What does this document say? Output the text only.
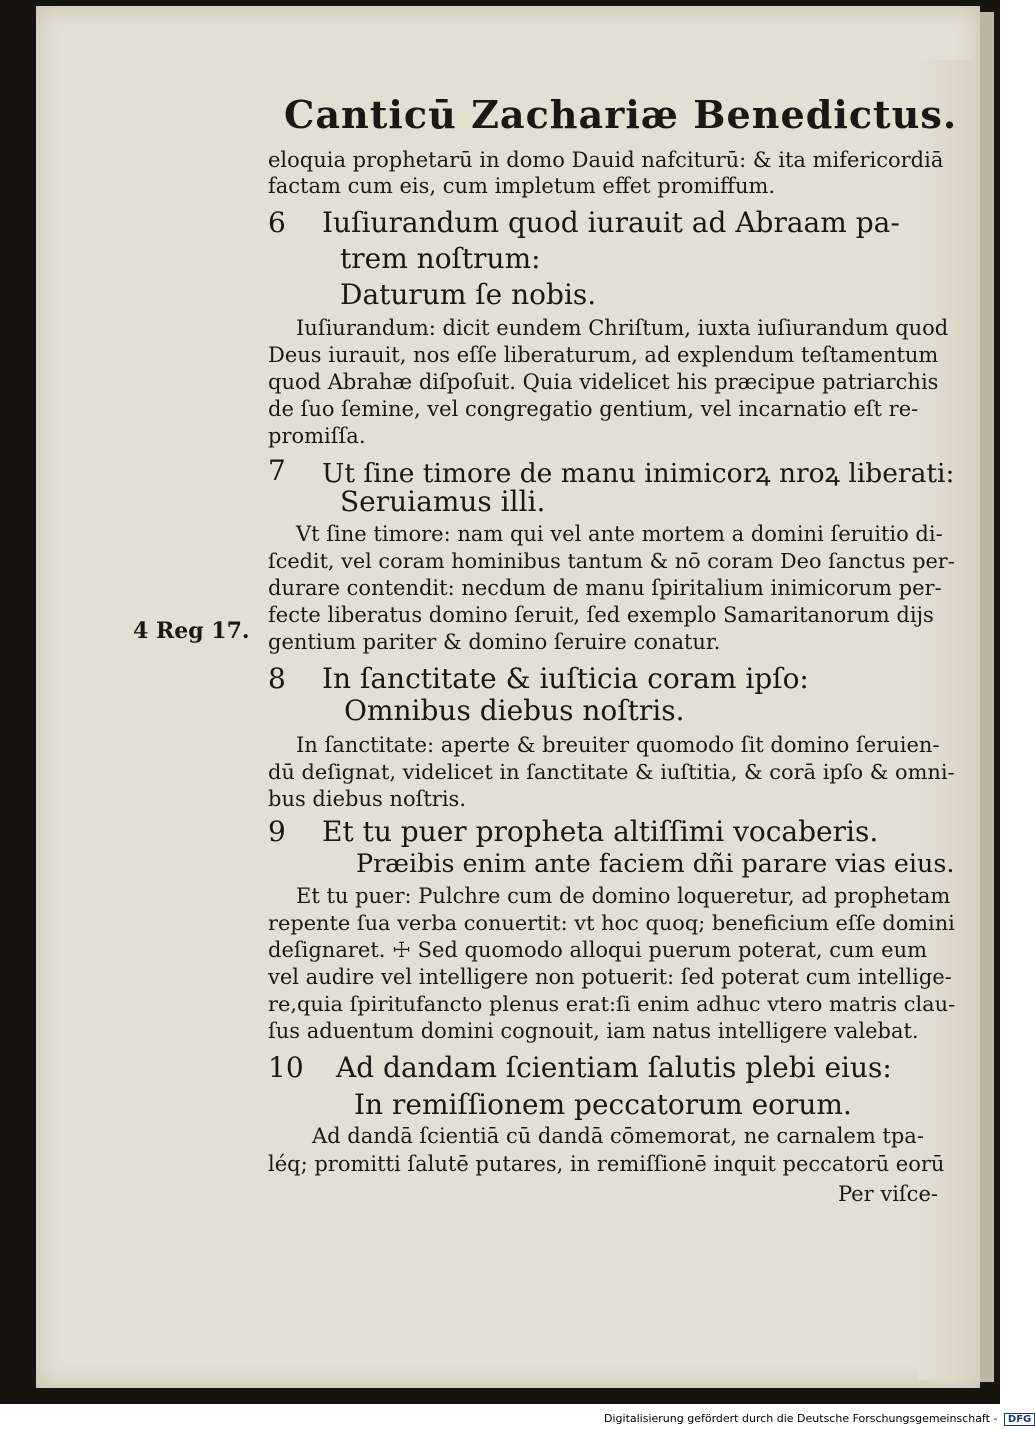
Canticū Zachariæ Benedictus.
eloquia prophetarū in domo Dauid nafciturū: & ita mifericordiā
factam cum eis, cum impletum effet promiffum.
6 Iuſiurandum quod iurauit ad Abraam pa-
trem noſtrum:
Daturum ſe nobis.
Iuſiurandum: dicit eundem Chriſtum, iuxta iuſiurandum quod
Deus iurauit, nos eſſe liberaturum, ad explendum teſtamentum
quod Abrahæ diſpoſuit. Quia videlicet his præcipue patriarchis
de ſuo ſemine, vel congregatio gentium, vel incarnatio eſt re-
promiſſa.
7 Ut ſine timore de manu inimicorꝝ nroꝝ liberati:
Seruiamus illi.
Vt ſine timore: nam qui vel ante mortem a domini ſeruitio di-
ſcedit, vel coram hominibus tantum & nō coram Deo ſanctus per-
durare contendit: necdum de manu ſpiritalium inimicorum per-
fecte liberatus domino ſeruit, ſed exemplo Samaritanorum dijs
gentium pariter & domino ſeruire conatur.
4 Reg 17.
8 In ſanctitate & iuſticia coram ipſo:
Omnibus diebus noſtris.
In ſanctitate: aperte & breuiter quomodo ſit domino ſeruien-
dū deſignat, videlicet in ſanctitate & iuſtitia, & corā ipſo & omni-
bus diebus noſtris.
9 Et tu puer propheta altiſſimi vocaberis.
Præibis enim ante faciem dñi parare vias eius.
Et tu puer: Pulchre cum de domino loqueretur, ad prophetam
repente ſua verba conuertit: vt hoc quoq; beneficium eſſe domini
deſignaret. ☩ Sed quomodo alloqui puerum poterat, cum eum
vel audire vel intelligere non potuerit: ſed poterat cum intellige-
re,quia ſpiritufancto plenus erat:ſi enim adhuc vtero matris clau-
ſus aduentum domini cognouit, iam natus intelligere valebat.
10 Ad dandam ſcientiam ſalutis plebi eius:
In remiſſionem peccatorum eorum.
Ad dandā ſcientiā cū dandā cōmemorat, ne carnalem tpa-
léq; promitti ſalutē putares, in remiſſionē inquit peccatorū eorū
Per viſce-
Digitalisierung gefördert durch die Deutsche Forschungsgemeinschaft - DFG
